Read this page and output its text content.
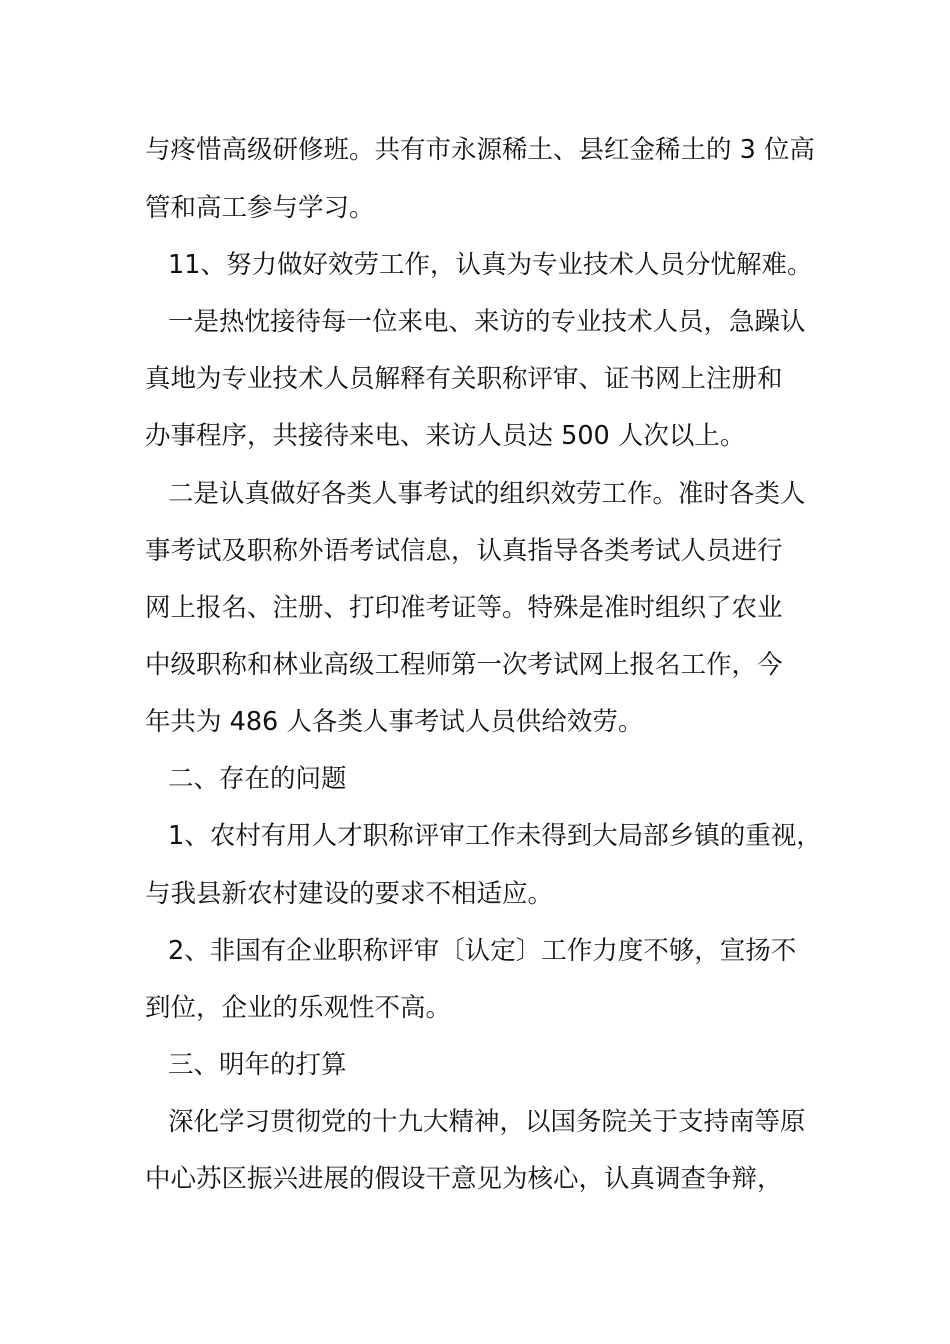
与疼惜高级研修班。共有市永源稀土、县红金稀土的 3 位高
管和高工参与学习。
11、努力做好效劳工作，认真为专业技术人员分忧解难。
一是热忱接待每一位来电、来访的专业技术人员，急躁认
真地为专业技术人员解释有关职称评审、证书网上注册和
办事程序，共接待来电、来访人员达 500 人次以上。
二是认真做好各类人事考试的组织效劳工作。准时各类人
事考试及职称外语考试信息，认真指导各类考试人员进行
网上报名、注册、打印准考证等。特殊是准时组织了农业
中级职称和林业高级工程师第一次考试网上报名工作，今
年共为 486 人各类人事考试人员供给效劳。
二、存在的问题
1、农村有用人才职称评审工作未得到大局部乡镇的重视，
与我县新农村建设的要求不相适应。
2、非国有企业职称评审〔认定〕工作力度不够，宣扬不
到位，企业的乐观性不高。
三、明年的打算
深化学习贯彻党的十九大精神，以国务院关于支持南等原
中心苏区振兴进展的假设干意见为核心，认真调查争辩，
